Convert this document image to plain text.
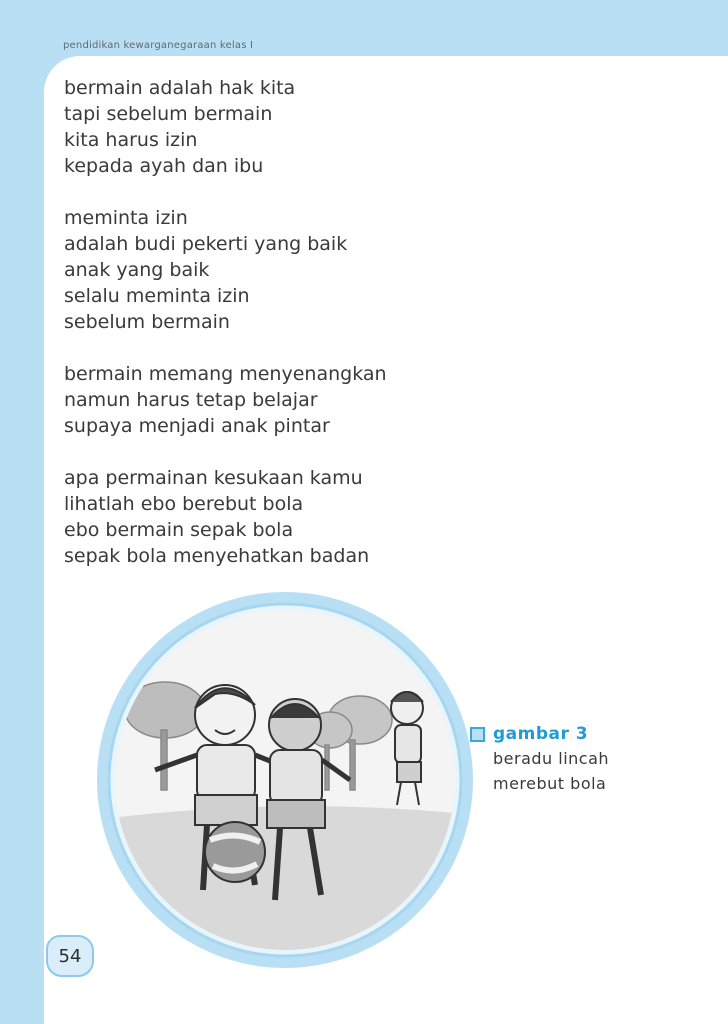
pendidikan kewarganegaraan kelas I
bermain adalah hak kita
tapi sebelum bermain
kita harus izin
kepada ayah dan ibu
meminta izin
adalah budi pekerti yang baik
anak yang baik
selalu meminta izin
sebelum bermain
bermain memang menyenangkan
namun harus tetap belajar
supaya menjadi anak pintar
apa permainan kesukaan kamu
lihatlah ebo berebut bola
ebo bermain sepak bola
sepak bola menyehatkan badan
gambar 3
beradu lincah
merebut bola
54
